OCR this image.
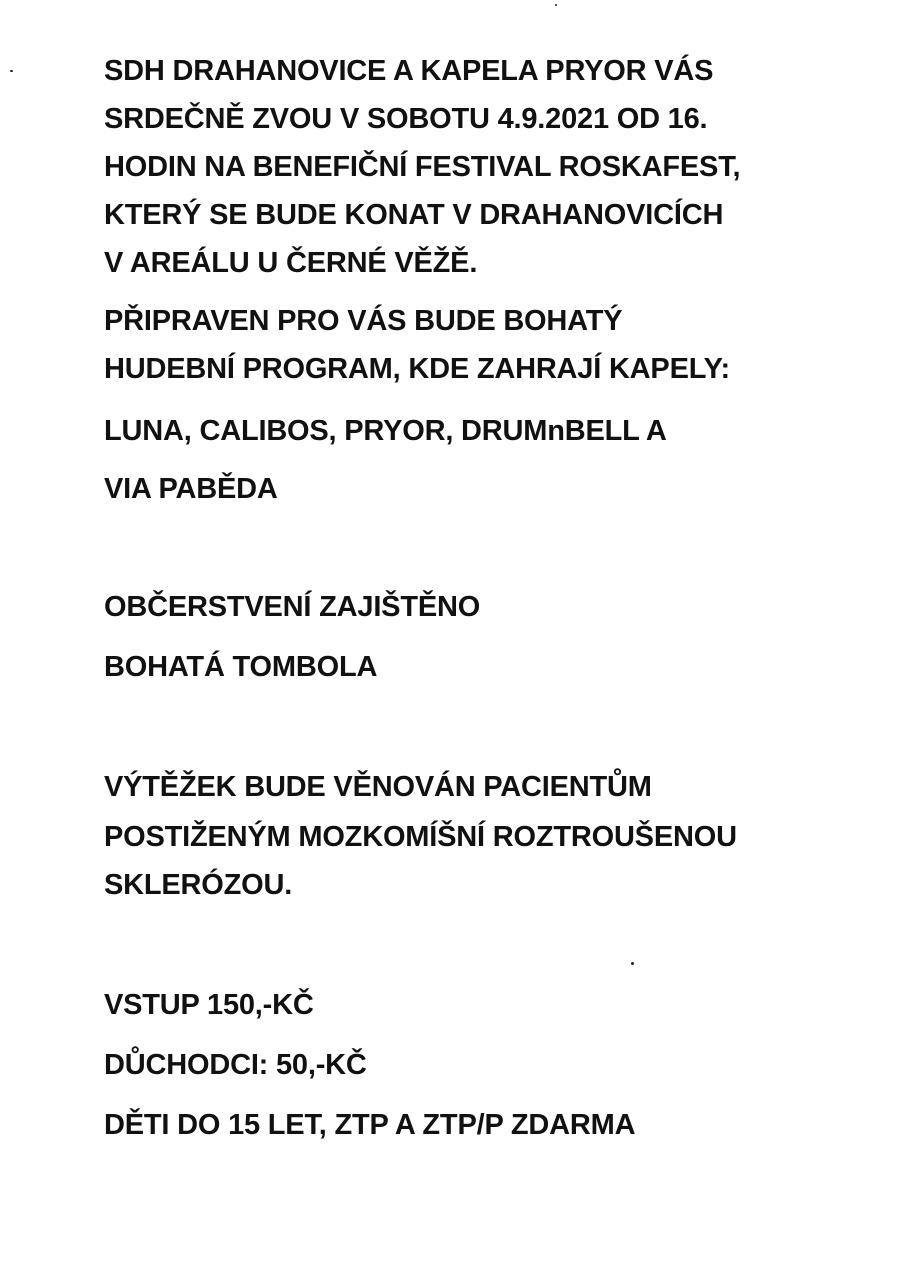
SDH DRAHANOVICE A KAPELA PRYOR VÁS

SRDEČNĚ ZVOU V SOBOTU 4.9.2021 OD 16.

HODIN NA BENEFIČNÍ FESTIVAL ROSKAFEST,

KTERÝ SE BUDE KONAT V DRAHANOVICÍCH

V AREÁLU U ČERNÉ VĚŽĚ.

PŘIPRAVEN PRO VÁS BUDE BOHATÝ

HUDEBNÍ PROGRAM, KDE ZAHRAJÍ KAPELY:

LUNA, CALIBOS, PRYOR, DRUMnBELL A

VIA PABĚDA

OBČERSTVENÍ ZAJIŠTĚNO

BOHATÁ TOMBOLA

VÝTĚŽEK BUDE VĚNOVÁN PACIENTŮM

POSTIŽENÝM MOZKOMÍŠNÍ ROZTROUŠENOU

SKLERÓZOU.

VSTUP 150,-KČ

DŮCHODCI: 50,-KČ

DĚTI DO 15 LET, ZTP A ZTP/P ZDARMA
